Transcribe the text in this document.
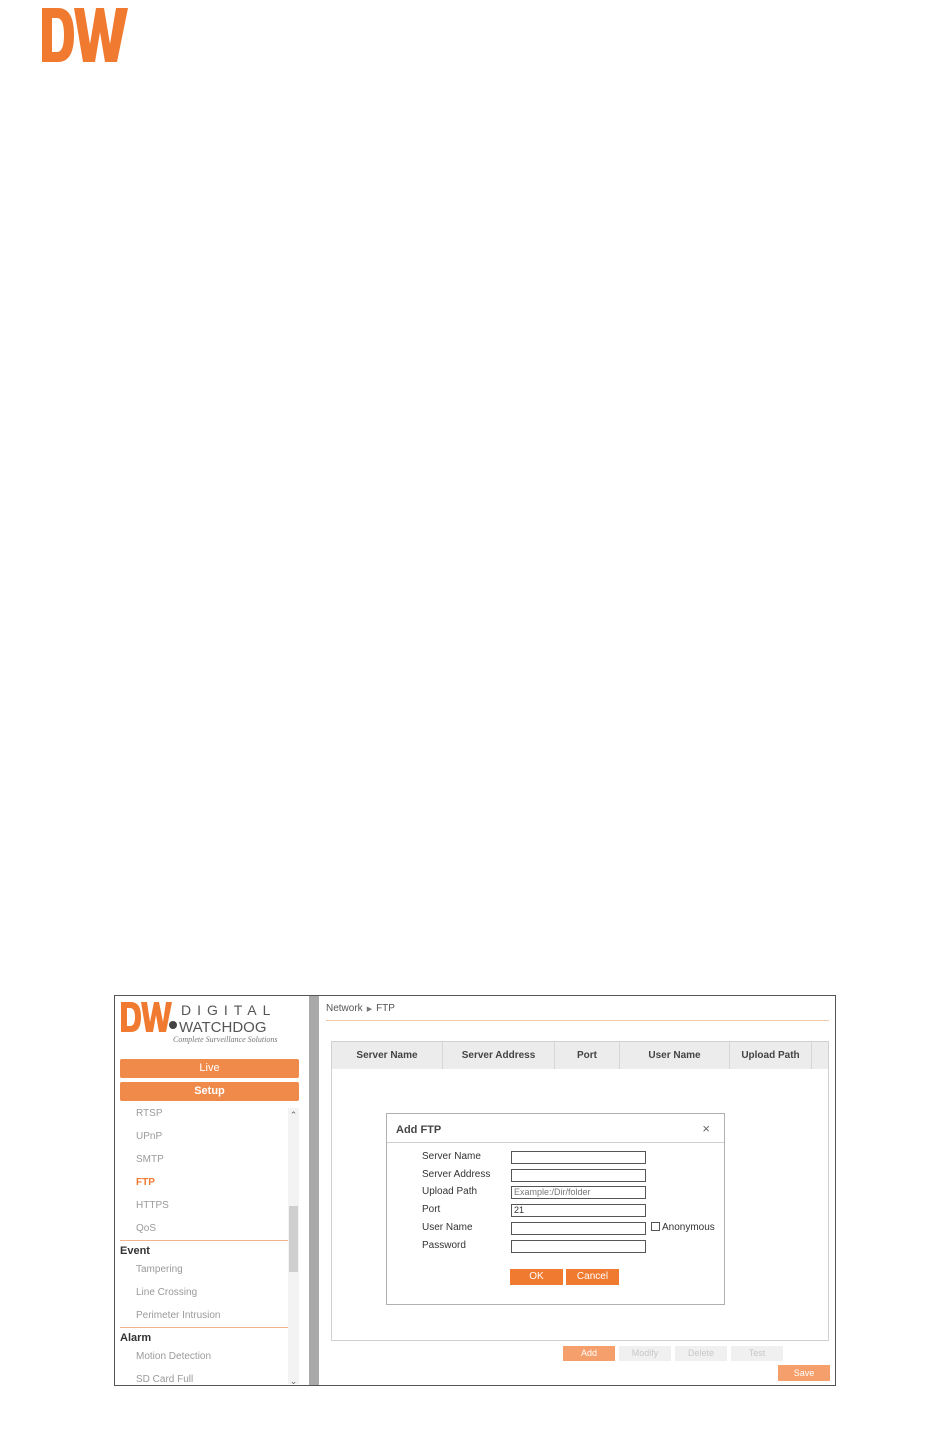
DIGITAL
WATCHDOG
Complete Surveillance Solutions
Live
Setup
RTSP
UPnP
SMTP
FTP
HTTPS
QoS
Event
Tampering
Line Crossing
Perimeter Intrusion
Alarm
Motion Detection
SD Card Full
⌃
⌄
Network ▶ FTP
Server Name	Server Address	Port	User Name	Upload Path
Add FTP	×
Server Name
Server Address
Upload Path	Example:/Dir/folder
Port	21
User Name	Anonymous
Password
OK	Cancel
Add	Modify	Delete	Test
Save
